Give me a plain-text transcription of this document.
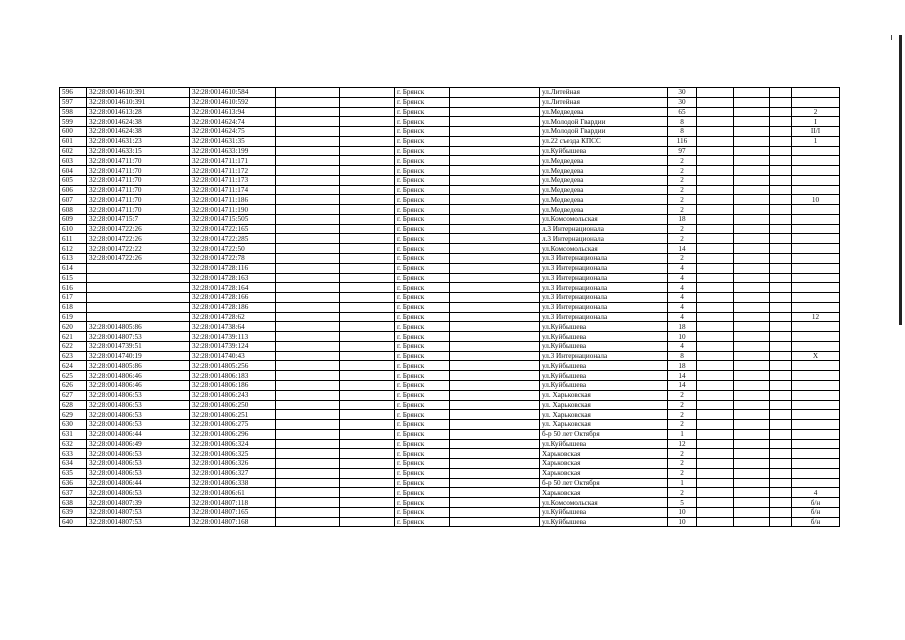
596	32:28:0014610:391	32:28:0014610:584			г. Брянск		ул.Литейная	30				
597	32:28:0014610:391	32:28:0014610:592			г. Брянск		ул.Литейная	30				
598	32:28:0014613:28	32:28:0014613:94			г. Брянск		ул.Медведева	65				2
599	32:28:0014624:38	32:28:0014624:74			г. Брянск		ул.Молодой Гвардии	8				I
600	32:28:0014624:38	32:28:0014624:75			г. Брянск		ул.Молодой Гвардии	8				II/I
601	32:28:0014631:23	32:28:0014631:35			г. Брянск		ул.22 съезда КПСС	116				1
602	32:28:0014633:15	32:28:0014633:199			г. Брянск		ул.Куйбышева	97				
603	32:28:0014711:70	32:28:0014711:171			г. Брянск		ул.Медведева	2				
604	32:28:0014711:70	32:28:0014711:172			г. Брянск		ул.Медведева	2				
605	32:28:0014711:70	32:28:0014711:173			г. Брянск		ул.Медведева	2				
606	32:28:0014711:70	32:28:0014711:174			г. Брянск		ул.Медведева	2				
607	32:28:0014711:70	32:28:0014711:186			г. Брянск		ул.Медведева	2				10
608	32:28:0014711:70	32:28:0014711:190			г. Брянск		ул.Медведева	2				
609	32:28:0014715:7	32:28:0014715:505			г. Брянск		ул.Комсомольская	18				
610	32:28:0014722:26	32:28:0014722:165			г. Брянск		л.3 Интернационала	2				
611	32:28:0014722:26	32:28:0014722:285			г. Брянск		л.3 Интернационала	2				
612	32:28:0014722:22	32:28:0014722:50			г. Брянск		ул.Комсомольская	14				
613	32:28:0014722:26	32:28:0014722:78			г. Брянск		ул.3 Интернационала	2				
614		32:28:0014728:116			г. Брянск		ул.3 Интернационала	4				
615		32:28:0014728:163			г. Брянск		ул.3 Интернационала	4				
616		32:28:0014728:164			г. Брянск		ул.3 Интернационала	4				
617		32:28:0014728:166			г. Брянск		ул.3 Интернационала	4				
618		32:28:0014728:186			г. Брянск		ул.3 Интернационала	4				
619		32:28:0014728:62			г. Брянск		ул.3 Интернационала	4				12
620	32:28:0014805:86	32:28:0014738:64			г. Брянск		ул.Куйбышева	18				
621	32:28:0014807:53	32:28:0014739:113			г. Брянск		ул.Куйбышева	10				
622	32:28:0014739:51	32:28:0014739:124			г. Брянск		ул.Куйбышева	4				
623	32:28:0014740:19	32:28:0014740:43			г. Брянск		ул.3 Интернационала	8				X
624	32:28:0014805:86	32:28:0014805:256			г. Брянск		ул.Куйбышева	18				
625	32:28:0014806:46	32:28:0014806:183			г. Брянск		ул.Куйбышева	14				
626	32:28:0014806:46	32:28:0014806:186			г. Брянск		ул.Куйбышева	14				
627	32:28:0014806:53	32:28:0014806:243			г. Брянск		ул. Харьковская	2				
628	32:28:0014806:53	32:28:0014806:250			г. Брянск		ул. Харьковская	2				
629	32:28:0014806:53	32:28:0014806:251			г. Брянск		ул. Харьковская	2				
630	32:28:0014806:53	32:28:0014806:275			г. Брянск		ул. Харьковская	2				
631	32:28:0014806:44	32:28:0014806:296			г. Брянск		б-р 50 лет Октября	1				
632	32:28:0014806:49	32:28:0014806:324			г. Брянск		ул.Куйбышева	12				
633	32:28:0014806:53	32:28:0014806:325			г. Брянск		Харьковская	2				
634	32:28:0014806:53	32:28:0014806:326			г. Брянск		Харьковская	2				
635	32:28:0014806:53	32:28:0014806:327			г. Брянск		Харьковская	2				
636	32:28:0014806:44	32:28:0014806:338			г. Брянск		б-р 50 лет Октября	1				
637	32:28:0014806:53	32:28:0014806:61			г. Брянск		Харьковская	2				4
638	32:28:0014807:39	32:28:0014807:118			г. Брянск		ул.Комсомольская	5				б/н
639	32:28:0014807:53	32:28:0014807:165			г. Брянск		ул.Куйбышева	10				б/н
640	32:28:0014807:53	32:28:0014807:168			г. Брянск		ул.Куйбышева	10				б/н
